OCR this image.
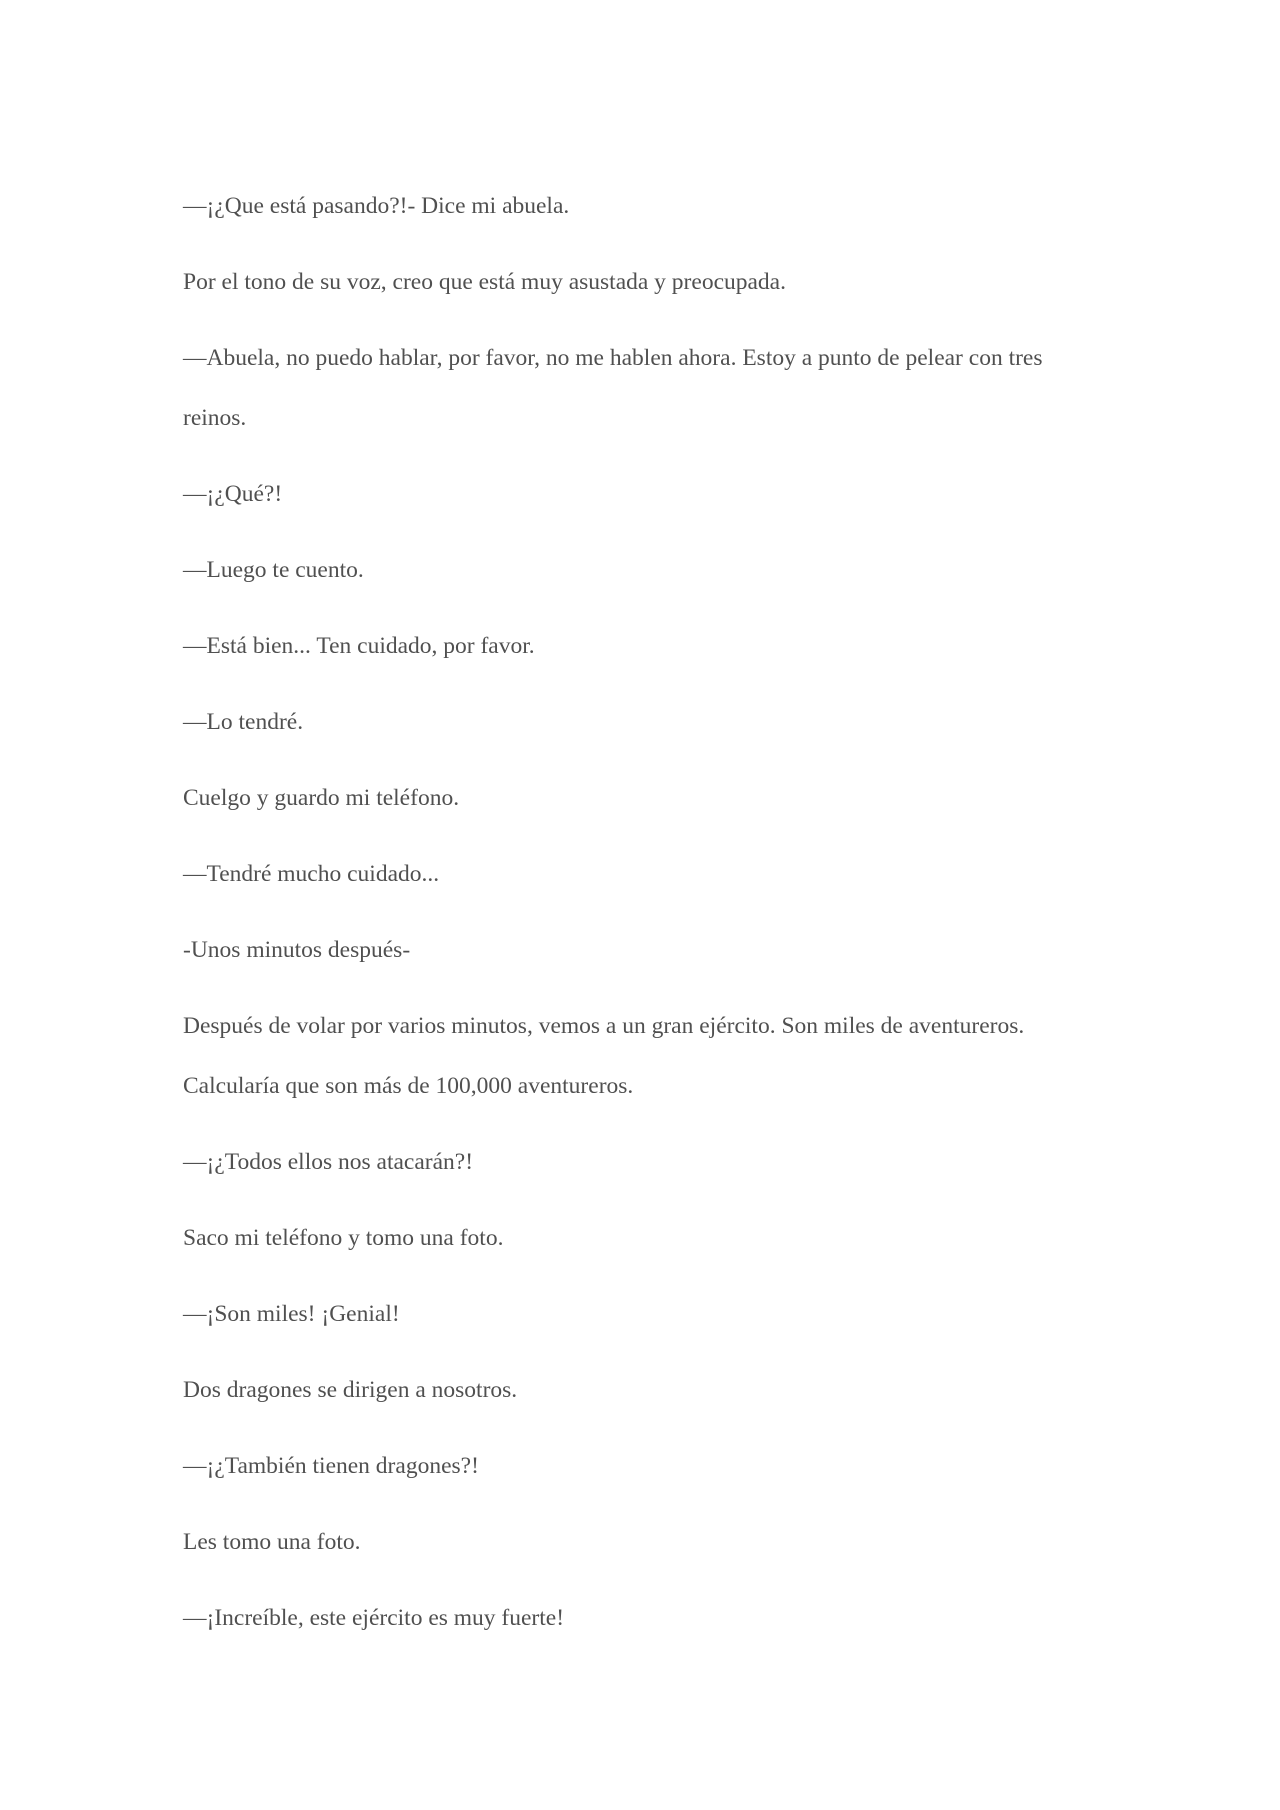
—¡¿Que está pasando?!- Dice mi abuela.

Por el tono de su voz, creo que está muy asustada y preocupada.

—Abuela, no puedo hablar, por favor, no me hablen ahora. Estoy a punto de pelear con tres reinos.

—¡¿Qué?!

—Luego te cuento.

—Está bien... Ten cuidado, por favor.

—Lo tendré.

Cuelgo y guardo mi teléfono.

—Tendré mucho cuidado...

-Unos minutos después-

Después de volar por varios minutos, vemos a un gran ejército. Son miles de aventureros. Calcularía que son más de 100,000 aventureros.

—¡¿Todos ellos nos atacarán?!

Saco mi teléfono y tomo una foto.

—¡Son miles! ¡Genial!

Dos dragones se dirigen a nosotros.

—¡¿También tienen dragones?!

Les tomo una foto.

—¡Increíble, este ejército es muy fuerte!
